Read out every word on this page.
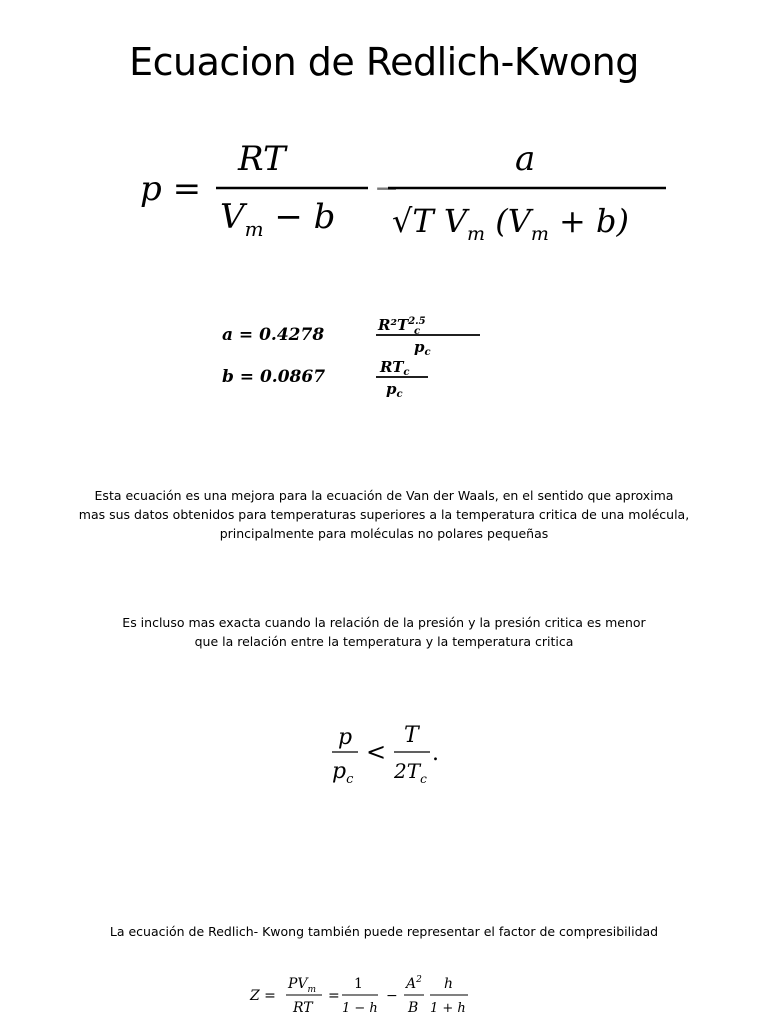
Ecuacion de Redlich-Kwong
p =
RT
$V_m - b$
−
a
√T $V_m$ $(V_m + b)$
a = 0.4278	$R^2T^{2.5}$
c
$p_c$
b = 0.0867	$RT_c$
$p_c$
Esta ecuación es una mejora para la ecuación de Van der Waals, en el sentido que aproxima
mas sus datos obtenidos para temperaturas superiores a la temperatura critica de una molécula,
principalmente para moléculas no polares pequeñas
Es incluso mas exacta cuando la relación de la presión y la presión critica es menor
que la relación entre la temperatura y la temperatura critica
p
$p_c$
<
T
$2T_c$
.
La ecuación de Redlich- Kwong también puede representar el factor de compresibilidad
Z =
$PV_m$
RT
=
1
1 − h
−
$A^2$
B
h
1 + h
